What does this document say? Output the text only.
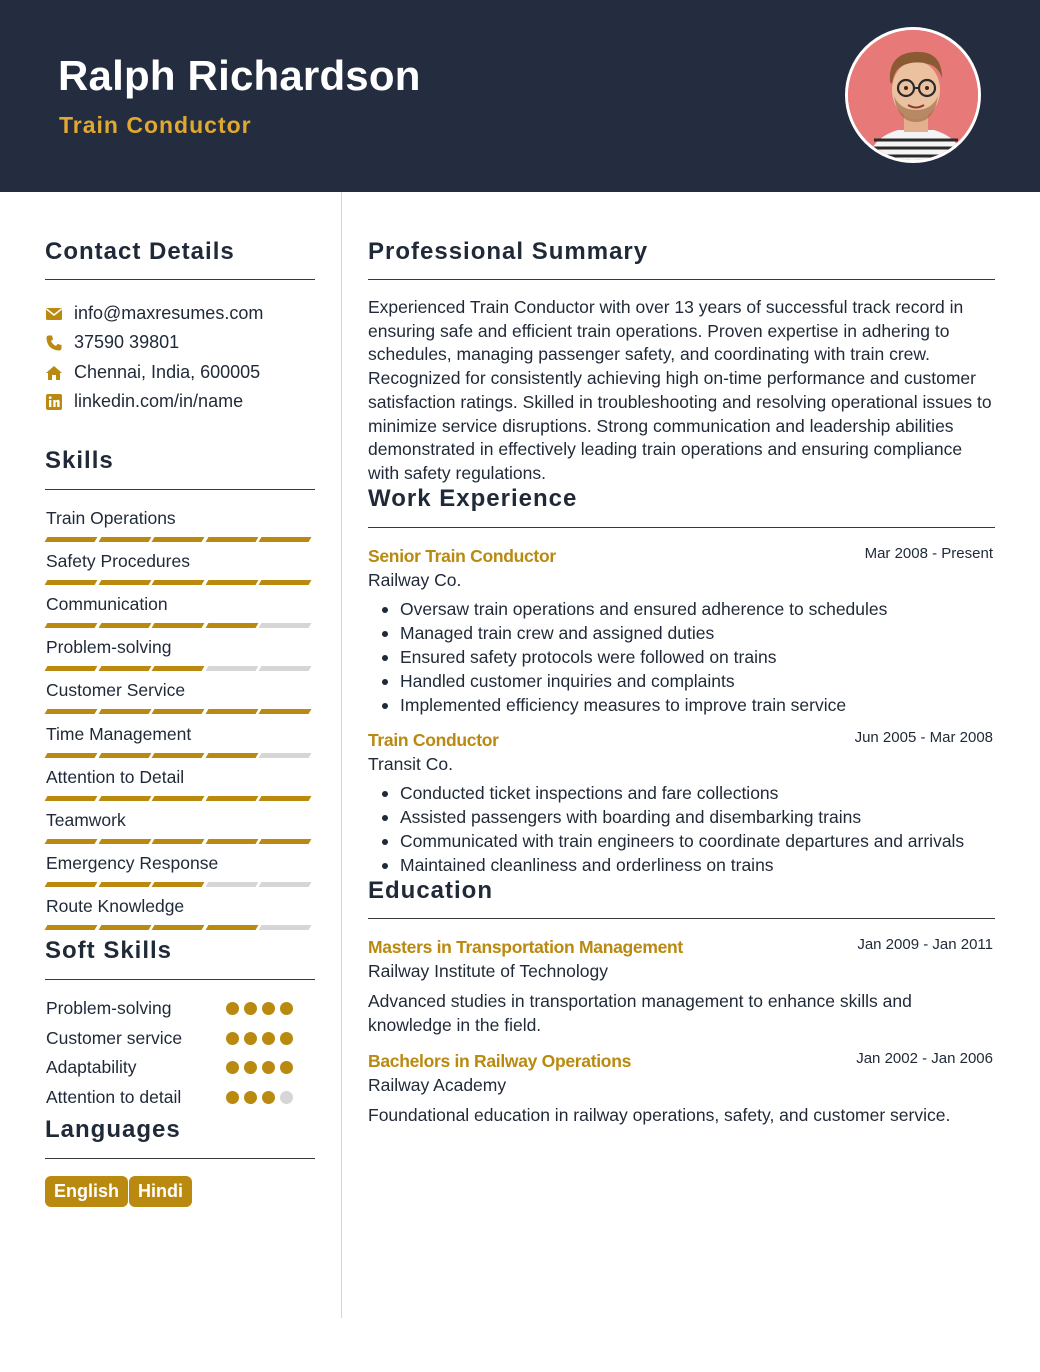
Ralph Richardson
Train Conductor
Contact Details
info@maxresumes.com
37590 39801
Chennai, India, 600005
linkedin.com/in/name
Skills
Train Operations
Safety Procedures
Communication
Problem-solving
Customer Service
Time Management
Attention to Detail
Teamwork
Emergency Response
Route Knowledge
Soft Skills
Problem-solving
Customer service
Adaptability
Attention to detail
Languages
English	Hindi
Professional Summary
Experienced Train Conductor with over 13 years of successful track record in ensuring safe and efficient train operations. Proven expertise in adhering to schedules, managing passenger safety, and coordinating with train crew. Recognized for consistently achieving high on-time performance and customer satisfaction ratings. Skilled in troubleshooting and resolving operational issues to minimize service disruptions. Strong communication and leadership abilities demonstrated in effectively leading train operations and ensuring compliance with safety regulations.
Work Experience
Senior Train Conductor	Mar 2008 - Present
Railway Co.
Oversaw train operations and ensured adherence to schedules
Managed train crew and assigned duties
Ensured safety protocols were followed on trains
Handled customer inquiries and complaints
Implemented efficiency measures to improve train service
Train Conductor	Jun 2005 - Mar 2008
Transit Co.
Conducted ticket inspections and fare collections
Assisted passengers with boarding and disembarking trains
Communicated with train engineers to coordinate departures and arrivals
Maintained cleanliness and orderliness on trains
Education
Masters in Transportation Management	Jan 2009 - Jan 2011
Railway Institute of Technology
Advanced studies in transportation management to enhance skills and knowledge in the field.
Bachelors in Railway Operations	Jan 2002 - Jan 2006
Railway Academy
Foundational education in railway operations, safety, and customer service.
